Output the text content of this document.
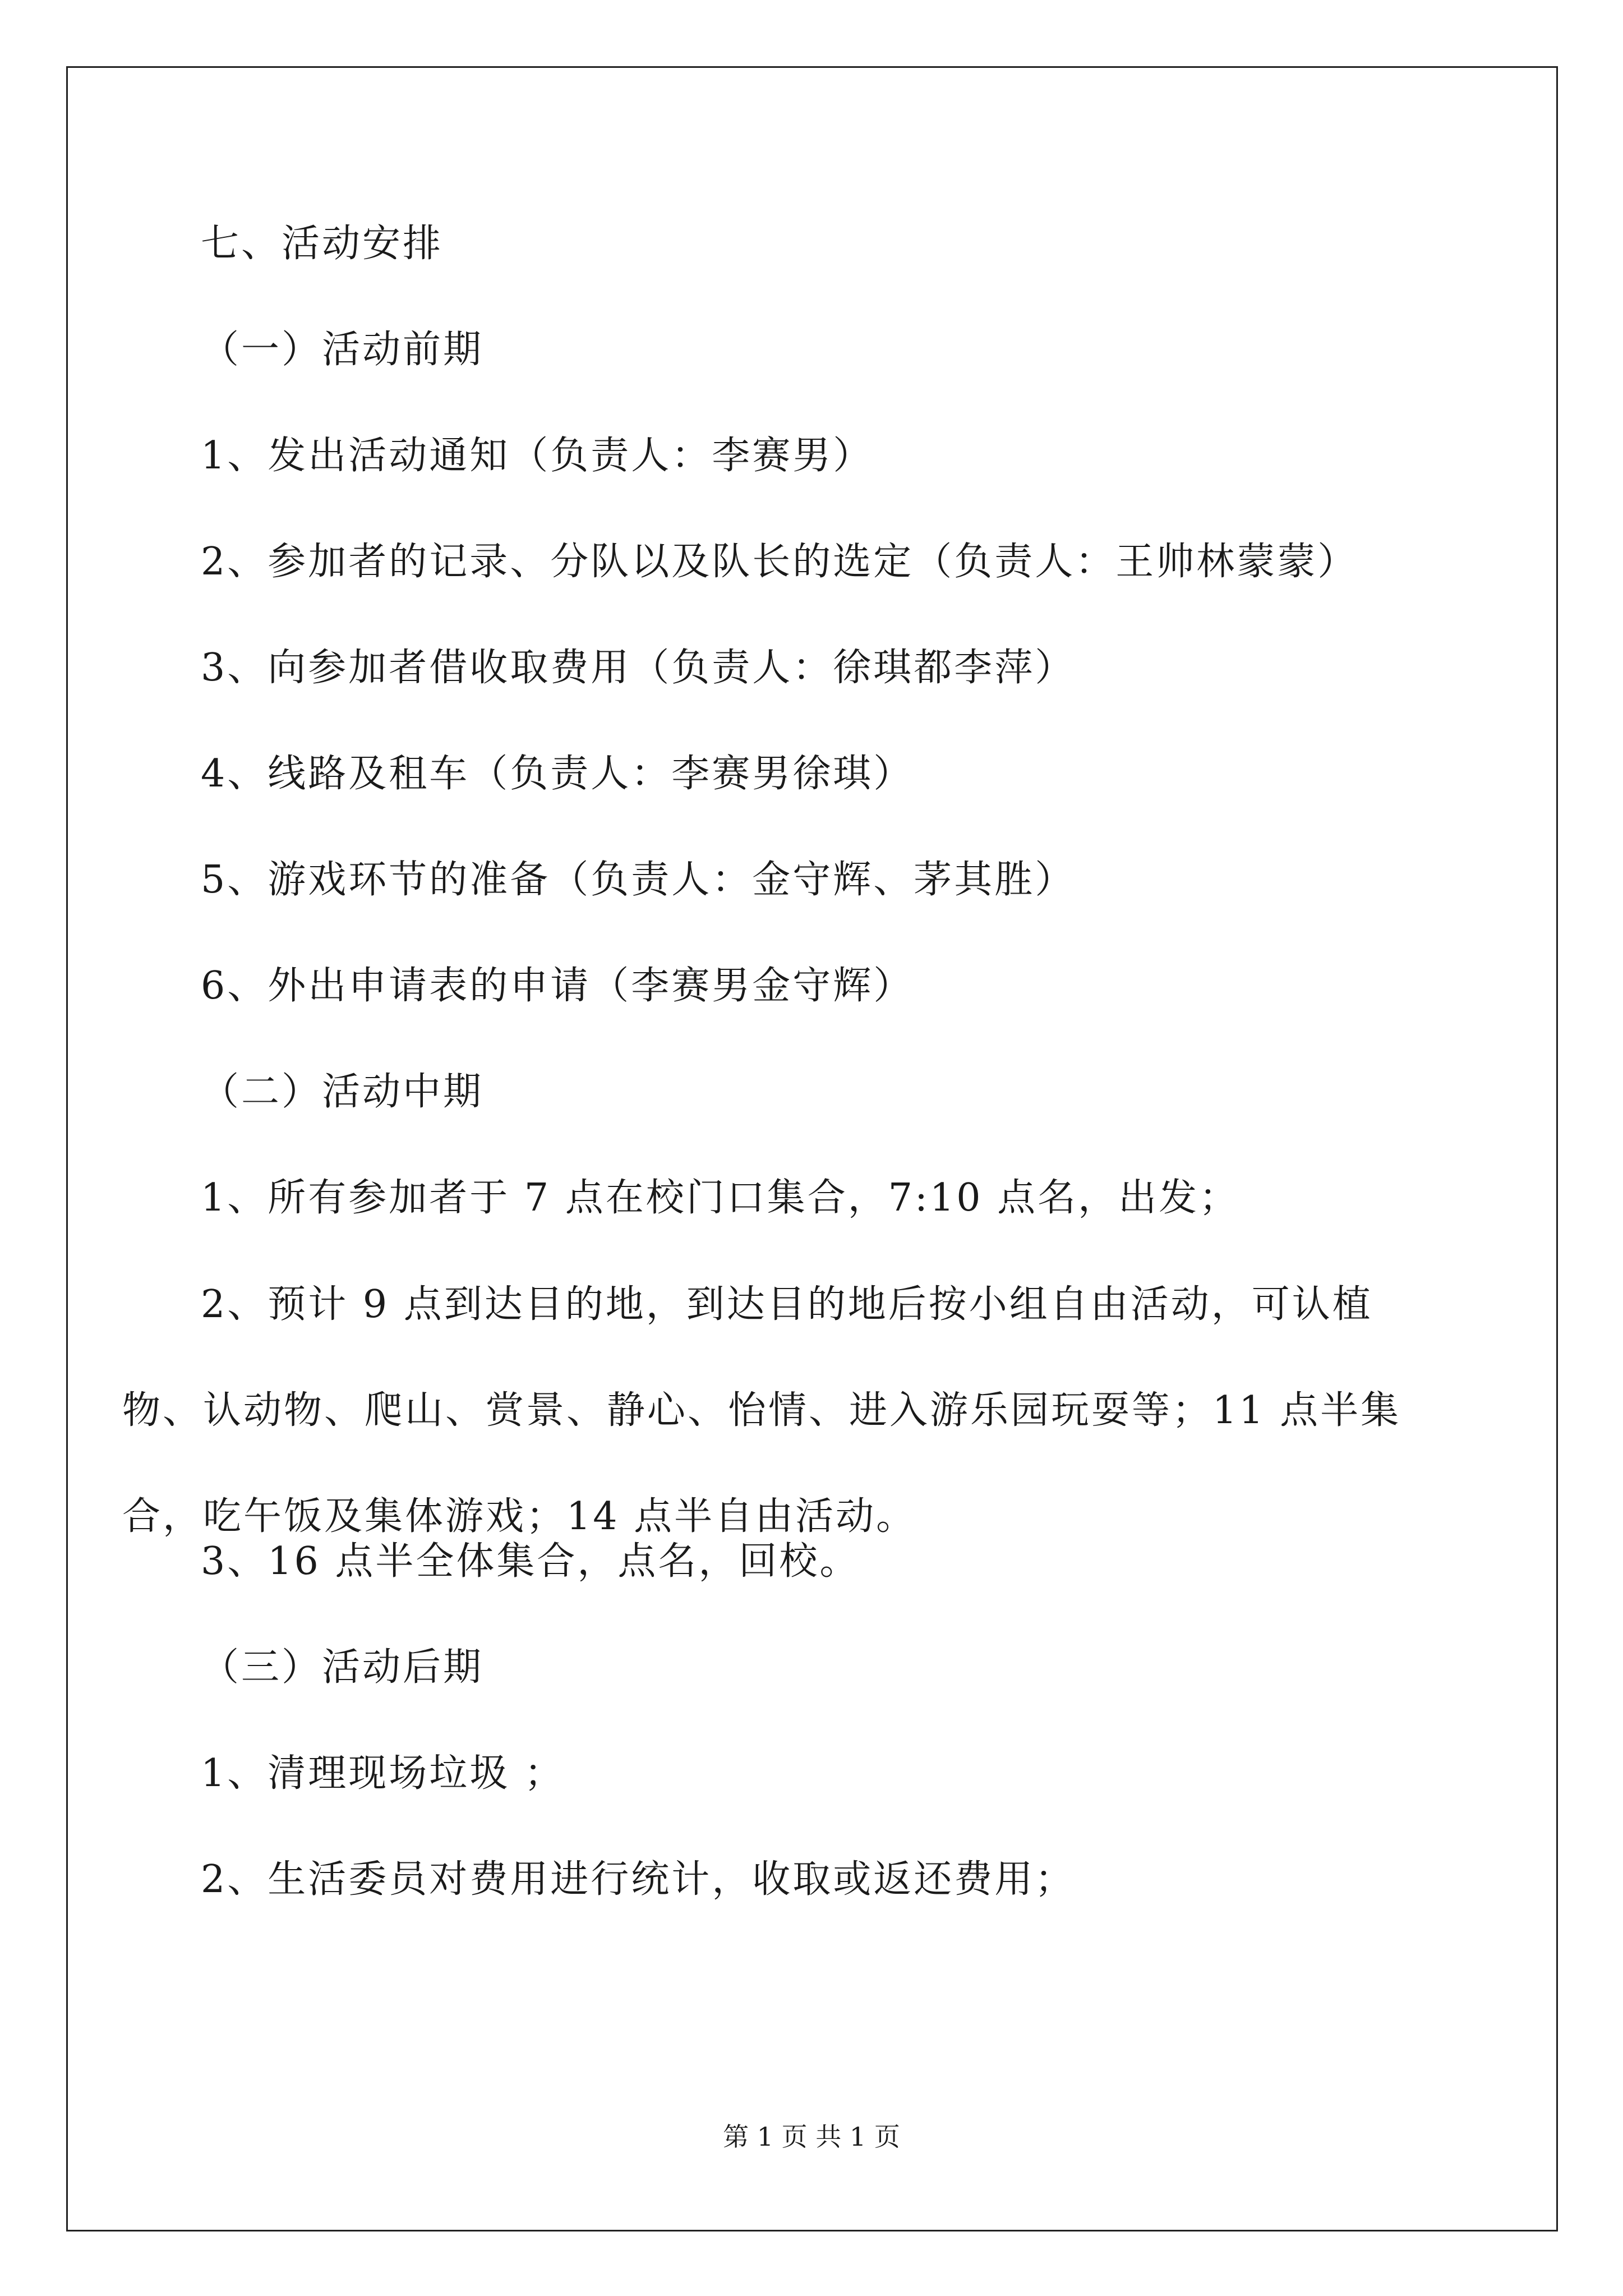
七、活动安排

（一）活动前期

1、发出活动通知（负责人：李赛男）

2、参加者的记录、分队以及队长的选定（负责人：王帅林蒙蒙）

3、向参加者借收取费用（负责人：徐琪都李萍）

4、线路及租车（负责人：李赛男徐琪）

5、游戏环节的准备（负责人：金守辉、茅其胜）

6、外出申请表的申请（李赛男金守辉）

（二）活动中期

1、所有参加者于 7 点在校门口集合，7:10 点名，出发；

2、预计 9 点到达目的地，到达目的地后按小组自由活动，可认植物、认动物、爬山、赏景、静心、怡情、进入游乐园玩耍等；11 点半集合，吃午饭及集体游戏；14 点半自由活动。

3、16 点半全体集合，点名，回校。

（三）活动后期

1、清理现场垃圾 ；

2、生活委员对费用进行统计，收取或返还费用；

第 1 页 共 1 页
